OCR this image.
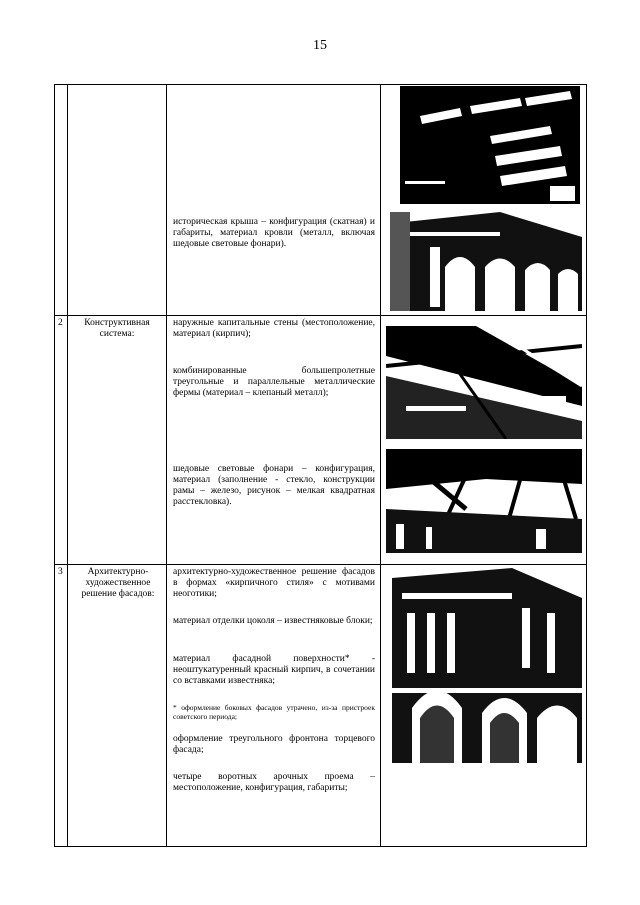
15
историческая крыша – конфигурация (скатная) и габариты, материал кровли (металл, включая шедовые световые фонари).
2	Конструктивная система:
наружные капитальные стены (местоположение, материал (кирпич);
комбинированные большепролетные треугольные и параллельные металлические фермы (материал – клепаный металл);
шедовые световые фонари – конфигурация, материал (заполнение - стекло, конструкции рамы – железо, рисунок – мелкая квадратная расстекловка).
3	Архитектурно-художественное решение фасадов:
архитектурно-художественное решение фасадов в формах «кирпичного стиля» с мотивами неоготики;
материал отделки цоколя – известняковые блоки;
материал фасадной поверхности* - неоштукатуренный красный кирпич, в сочетании со вставками известняка;
* оформление боковых фасадов утрачено, из-за пристроек советского периода;
оформление треугольного фронтона торцевого фасада;
четыре воротных арочных проема – местоположение, конфигурация, габариты;
